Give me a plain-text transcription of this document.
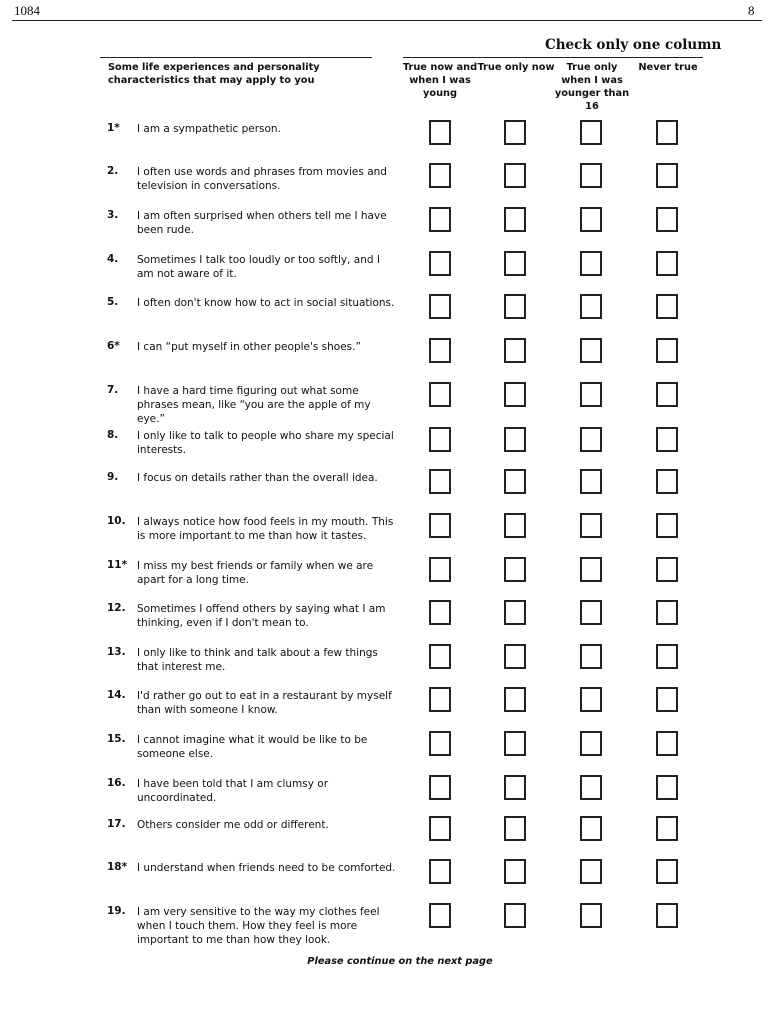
1084	8
Check only one column
Some life experiences and personality characteristics that may apply to you
True now and when I was young
True only now	True only when I was younger than 16
Never true
1* I am a sympathetic person.
2. I often use words and phrases from movies and television in conversations.
3. I am often surprised when others tell me I have been rude.
4. Sometimes I talk too loudly or too softly, and I am not aware of it.
5. I often don't know how to act in social situations.
6* I can “put myself in other people's shoes.”
7. I have a hard time figuring out what some phrases mean, like “you are the apple of my eye.”
8. I only like to talk to people who share my special interests.
9. I focus on details rather than the overall idea.
10. I always notice how food feels in my mouth. This is more important to me than how it tastes.
11* I miss my best friends or family when we are apart for a long time.
12. Sometimes I offend others by saying what I am thinking, even if I don't mean to.
13. I only like to think and talk about a few things that interest me.
14. I'd rather go out to eat in a restaurant by myself than with someone I know.
15. I cannot imagine what it would be like to be someone else.
16. I have been told that I am clumsy or uncoordinated.
17. Others consider me odd or different.
18* I understand when friends need to be comforted.
19. I am very sensitive to the way my clothes feel when I touch them. How they feel is more important to me than how they look.
Please continue on the next page
